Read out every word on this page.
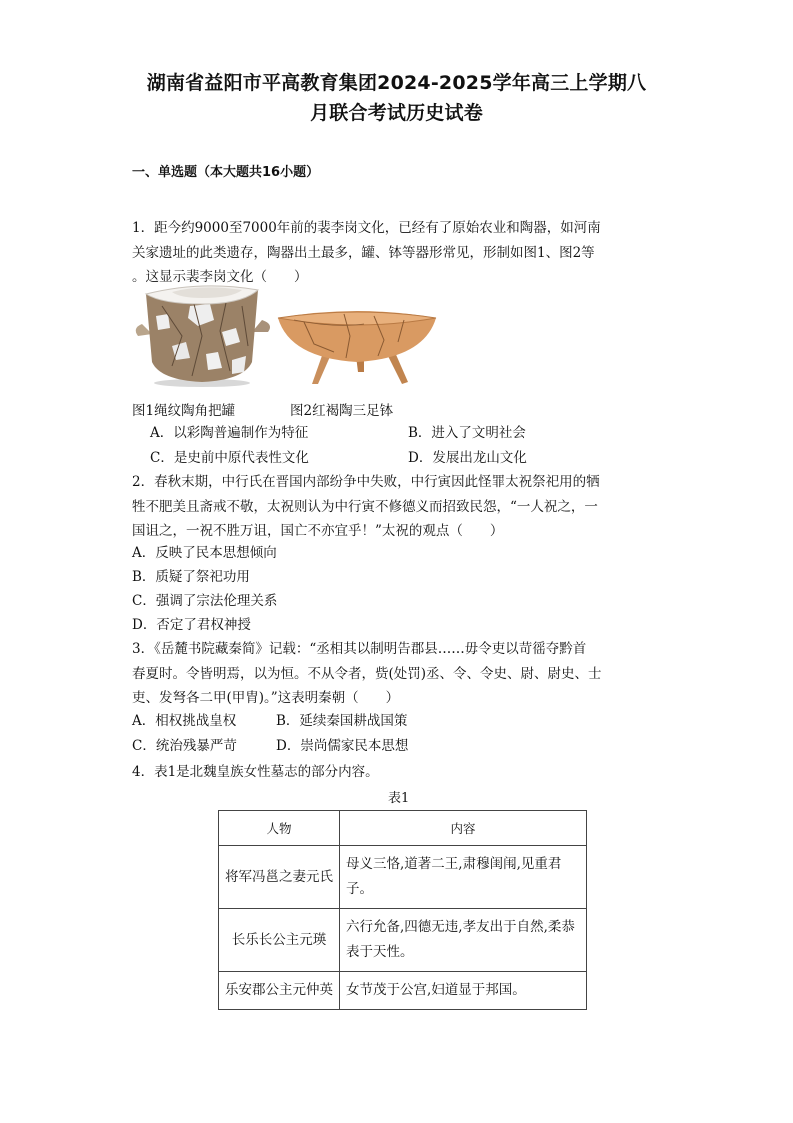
湖南省益阳市平高教育集团2024-2025学年高三上学期八
月联合考试历史试卷
一、单选题（本大题共16小题）
1．距今约9000至7000年前的裴李岗文化，已经有了原始农业和陶器，如河南
关家遗址的此类遗存，陶器出土最多，罐、钵等器形常见，形制如图1、图2等
。这显示裴李岗文化（　　）
图1绳纹陶角把罐	图2红褐陶三足钵
A．以彩陶普遍制作为特征	B．进入了文明社会
C．是史前中原代表性文化	D．发展出龙山文化
2．春秋末期，中行氏在晋国内部纷争中失败，中行寅因此怪罪太祝祭祀用的牺
牲不肥美且斋戒不敬，太祝则认为中行寅不修德义而招致民怨，“一人祝之，一
国诅之，一祝不胜万诅，国亡不亦宜乎！”太祝的观点（　　）
A．反映了民本思想倾向
B．质疑了祭祀功用
C．强调了宗法伦理关系
D．否定了君权神授
3．《岳麓书院藏秦简》记载：“丞相其以制明告郡县……毋令吏以苛徭夺黔首
春夏时。令皆明焉，以为恒。不从令者，赀(处罚)丞、令、令史、尉、尉史、士
吏、发弩各二甲(甲胄)。”这表明秦朝（　　）
A．相权挑战皇权	B．延续秦国耕战国策
C．统治残暴严苛	D．崇尚儒家民本思想
4．表1是北魏皇族女性墓志的部分内容。
表1
人物	内容
将军冯邕之妻元氏	母义三恪,道著二王,肃穆闺闱,见重君子。
长乐长公主元瑛	六行允备,四德无违,孝友出于自然,柔恭表于天性。
乐安郡公主元仲英	女节茂于公宫,妇道显于邦国。
